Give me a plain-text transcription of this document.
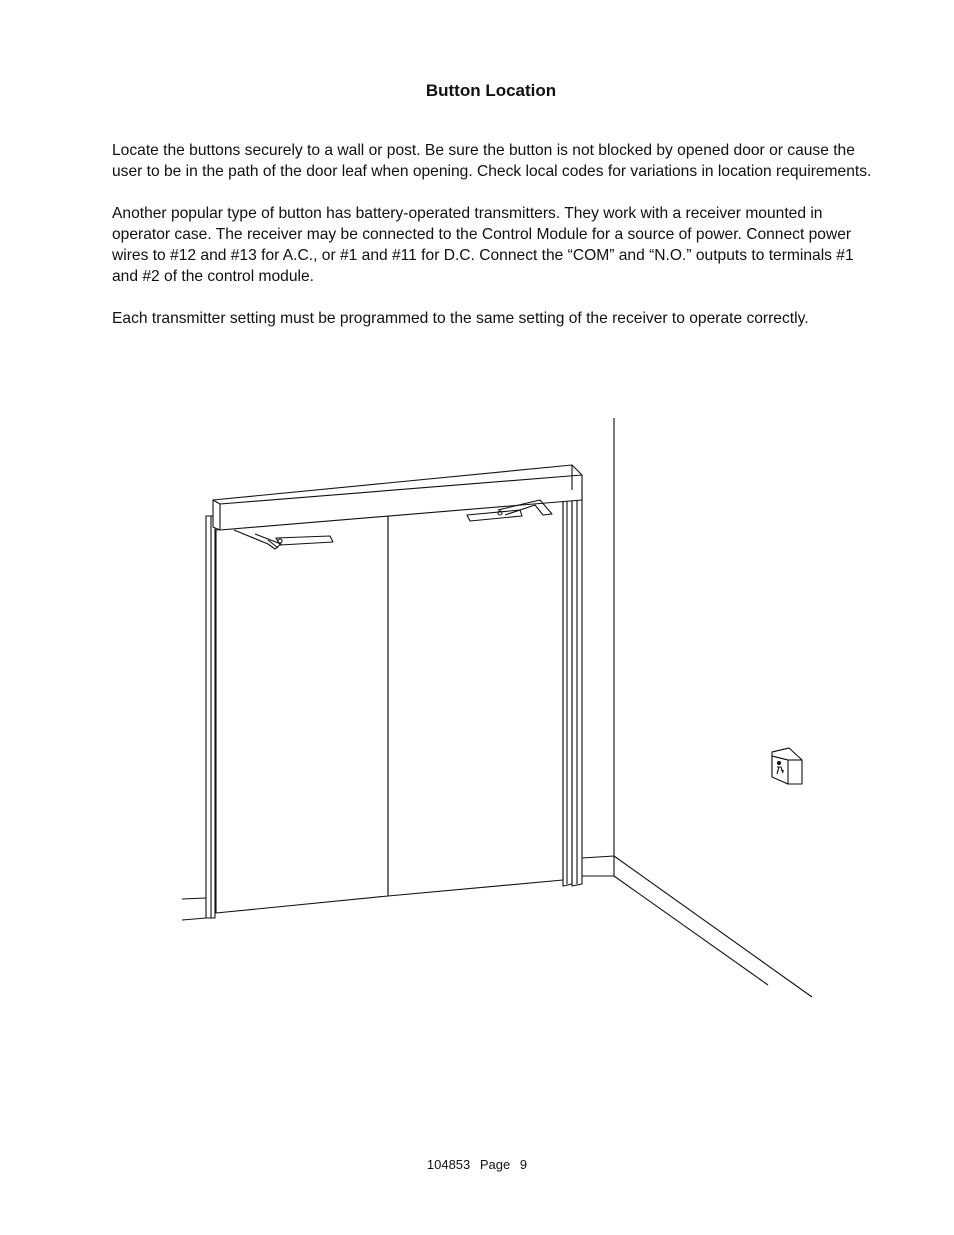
Button Location

Locate the buttons securely to a wall or post. Be sure the button is not blocked by opened door or cause the user to be in the path of the door leaf when opening. Check local codes for variations in location requirements.

Another popular type of button has battery-operated transmitters. They work with a receiver mounted in operator case. The receiver may be connected to the Control Module for a source of power. Connect power wires to #12 and #13 for A.C., or #1 and #11 for D.C. Connect the “COM” and “N.O.” outputs to terminals #1 and #2 of the control module.

Each transmitter setting must be programmed to the same setting of the receiver to operate correctly.

104853 Page 9
